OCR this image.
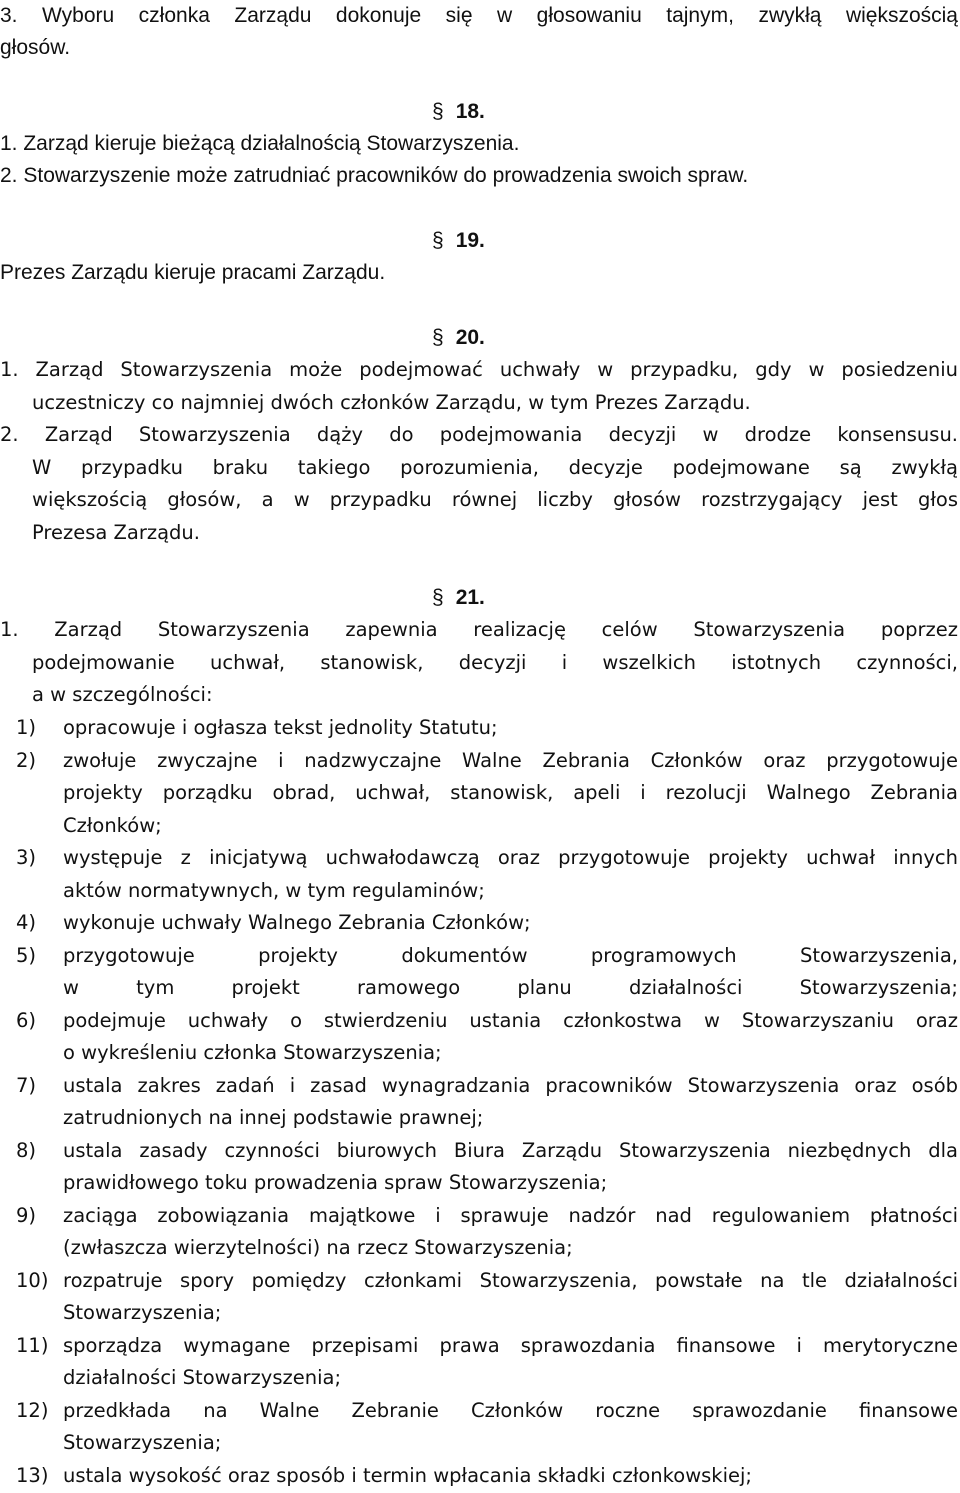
3. Wyboru członka Zarządu dokonuje się w głosowaniu tajnym, zwykłą większością
głosów.
§ 18.
1. Zarząd kieruje bieżącą działalnością Stowarzyszenia.
2. Stowarzyszenie może zatrudniać pracowników do prowadzenia swoich spraw.
§ 19.
Prezes Zarządu kieruje pracami Zarządu.
§ 20.
1. Zarząd Stowarzyszenia może podejmować uchwały w przypadku, gdy w posiedzeniu
uczestniczy co najmniej dwóch członków Zarządu, w tym Prezes Zarządu.
2. Zarząd Stowarzyszenia dąży do podejmowania decyzji w drodze konsensusu.
W przypadku braku takiego porozumienia, decyzje podejmowane są zwykłą
większością głosów, a w przypadku równej liczby głosów rozstrzygający jest głos
Prezesa Zarządu.
§ 21.
1. Zarząd Stowarzyszenia zapewnia realizację celów Stowarzyszenia poprzez
podejmowanie uchwał, stanowisk, decyzji i wszelkich istotnych czynności,
a w szczególności:
1) opracowuje i ogłasza tekst jednolity Statutu;
2) zwołuje zwyczajne i nadzwyczajne Walne Zebrania Członków oraz przygotowuje
projekty porządku obrad, uchwał, stanowisk, apeli i rezolucji Walnego Zebrania
Członków;
3) występuje z inicjatywą uchwałodawczą oraz przygotowuje projekty uchwał innych
aktów normatywnych, w tym regulaminów;
4) wykonuje uchwały Walnego Zebrania Członków;
5) przygotowuje projekty dokumentów programowych Stowarzyszenia,
w tym projekt ramowego planu działalności Stowarzyszenia;
6) podejmuje uchwały o stwierdzeniu ustania członkostwa w Stowarzyszaniu oraz
o wykreśleniu członka Stowarzyszenia;
7) ustala zakres zadań i zasad wynagradzania pracowników Stowarzyszenia oraz osób
zatrudnionych na innej podstawie prawnej;
8) ustala zasady czynności biurowych Biura Zarządu Stowarzyszenia niezbędnych dla
prawidłowego toku prowadzenia spraw Stowarzyszenia;
9) zaciąga zobowiązania majątkowe i sprawuje nadzór nad regulowaniem płatności
(zwłaszcza wierzytelności) na rzecz Stowarzyszenia;
10) rozpatruje spory pomiędzy członkami Stowarzyszenia, powstałe na tle działalności
Stowarzyszenia;
11) sporządza wymagane przepisami prawa sprawozdania finansowe i merytoryczne
działalności Stowarzyszenia;
12) przedkłada na Walne Zebranie Członków roczne sprawozdanie finansowe
Stowarzyszenia;
13) ustala wysokość oraz sposób i termin wpłacania składki członkowskiej;
